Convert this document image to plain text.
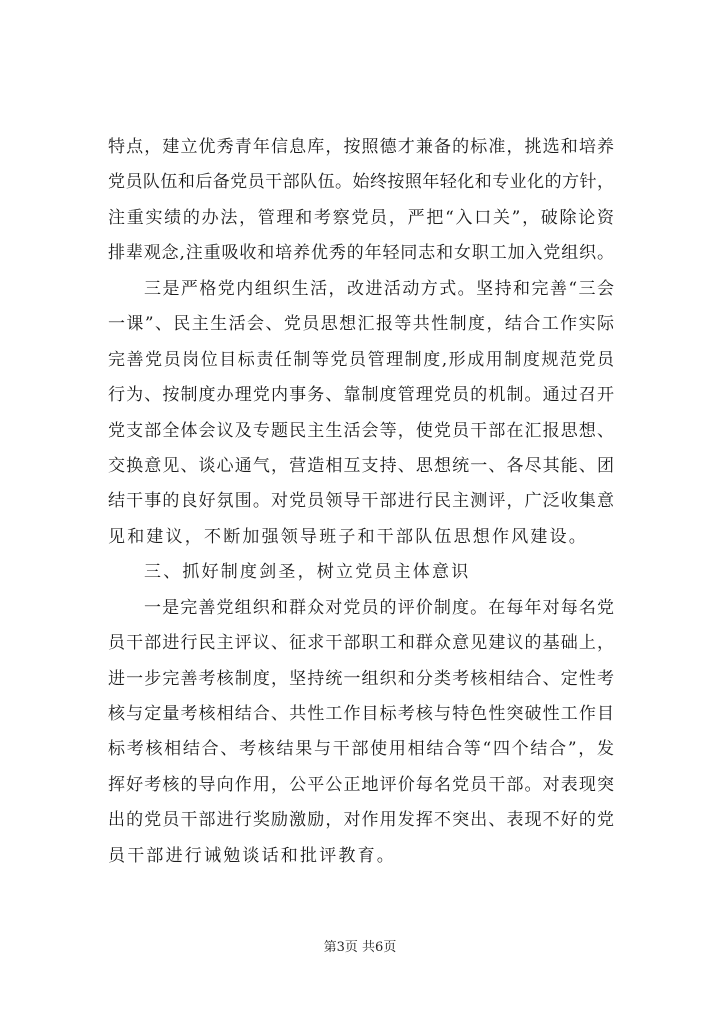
特点，建立优秀青年信息库，按照德才兼备的标准，挑选和培养
党员队伍和后备党员干部队伍。始终按照年轻化和专业化的方针，
注重实绩的办法，管理和考察党员，严把“入口关”，破除论资
排辈观念,注重吸收和培养优秀的年轻同志和女职工加入党组织。
三是严格党内组织生活，改进活动方式。坚持和完善“三会
一课”、民主生活会、党员思想汇报等共性制度，结合工作实际
完善党员岗位目标责任制等党员管理制度,形成用制度规范党员
行为、按制度办理党内事务、靠制度管理党员的机制。通过召开
党支部全体会议及专题民主生活会等，使党员干部在汇报思想、
交换意见、谈心通气，营造相互支持、思想统一、各尽其能、团
结干事的良好氛围。对党员领导干部进行民主测评，广泛收集意
见和建议，不断加强领导班子和干部队伍思想作风建设。
三、抓好制度剑圣，树立党员主体意识
一是完善党组织和群众对党员的评价制度。在每年对每名党
员干部进行民主评议、征求干部职工和群众意见建议的基础上，
进一步完善考核制度，坚持统一组织和分类考核相结合、定性考
核与定量考核相结合、共性工作目标考核与特色性突破性工作目
标考核相结合、考核结果与干部使用相结合等“四个结合”，发
挥好考核的导向作用，公平公正地评价每名党员干部。对表现突
出的党员干部进行奖励激励，对作用发挥不突出、表现不好的党
员干部进行诫勉谈话和批评教育。
第3页 共6页
